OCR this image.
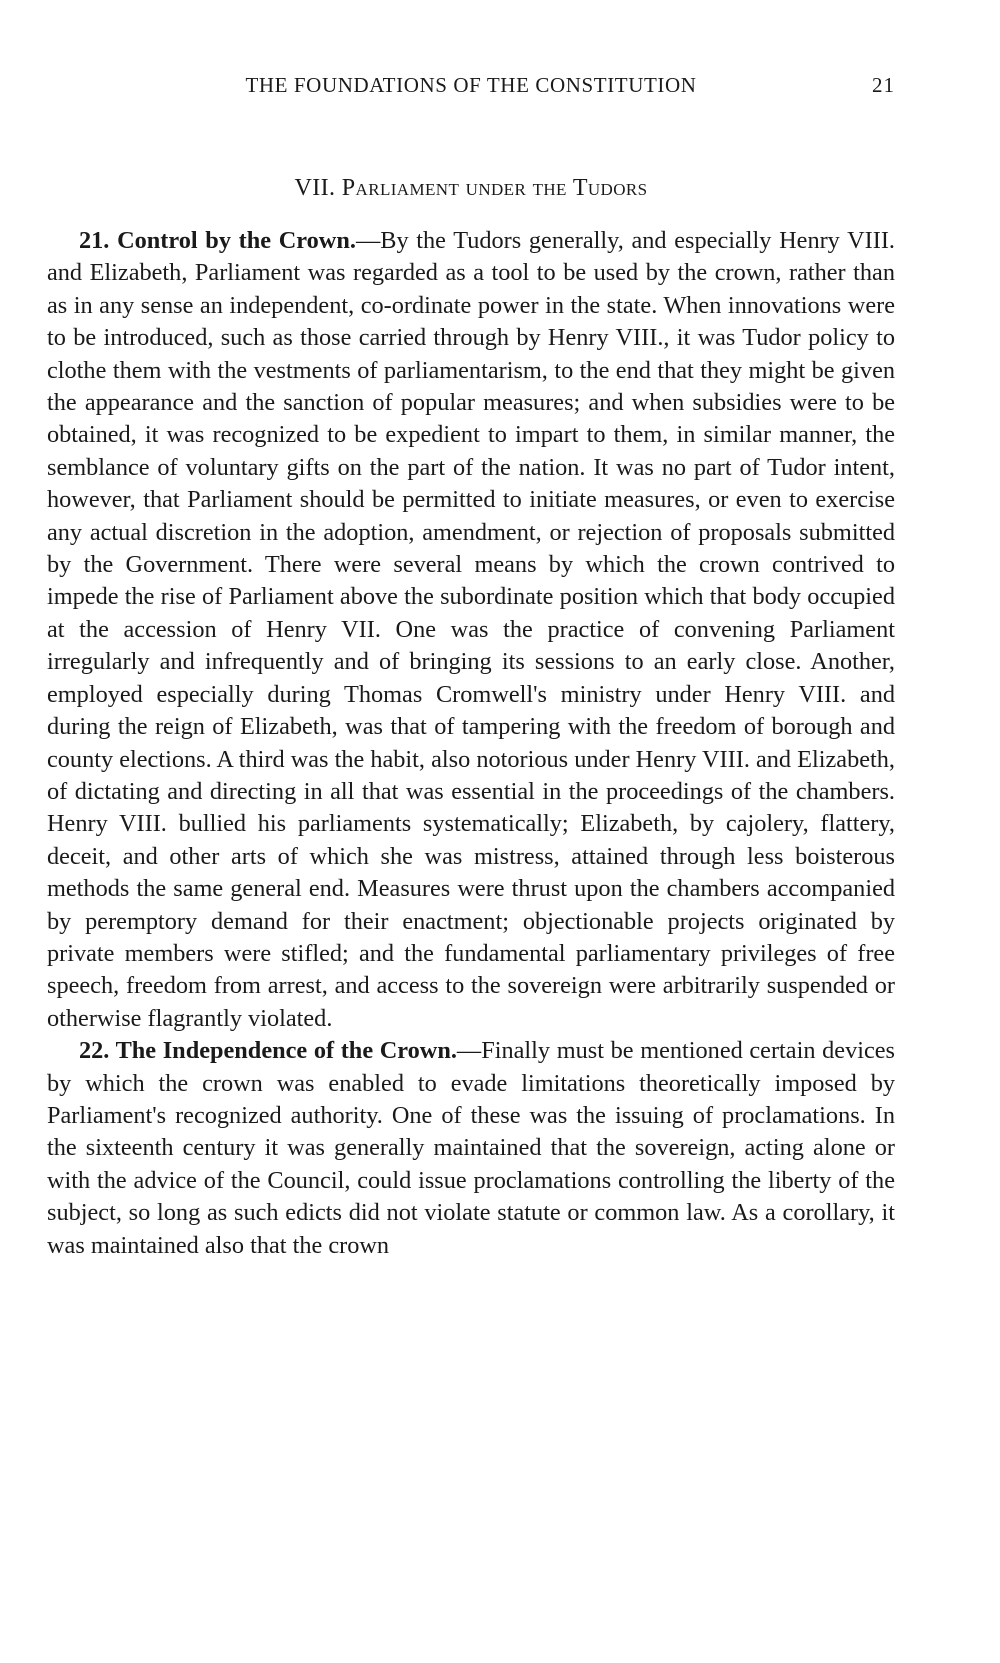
THE FOUNDATIONS OF THE CONSTITUTION	21
VII. Parliament under the Tudors

21. Control by the Crown.—By the Tudors generally, and especially Henry VIII. and Elizabeth, Parliament was regarded as a tool to be used by the crown, rather than as in any sense an independent, co-ordinate power in the state. When innovations were to be introduced, such as those carried through by Henry VIII., it was Tudor policy to clothe them with the vestments of parliamentarism, to the end that they might be given the appearance and the sanction of popular measures; and when subsidies were to be obtained, it was recognized to be expedient to impart to them, in similar manner, the semblance of voluntary gifts on the part of the nation. It was no part of Tudor intent, however, that Parliament should be permitted to initiate measures, or even to exercise any actual discretion in the adoption, amendment, or rejection of proposals submitted by the Government. There were several means by which the crown contrived to impede the rise of Parliament above the subordinate position which that body occupied at the accession of Henry VII. One was the practice of convening Parliament irregularly and infrequently and of bringing its sessions to an early close. Another, employed especially during Thomas Cromwell's ministry under Henry VIII. and during the reign of Elizabeth, was that of tampering with the freedom of borough and county elections. A third was the habit, also notorious under Henry VIII. and Elizabeth, of dictating and directing in all that was essential in the proceedings of the chambers. Henry VIII. bullied his parliaments systematically; Elizabeth, by cajolery, flattery, deceit, and other arts of which she was mistress, attained through less boisterous methods the same general end. Measures were thrust upon the chambers accompanied by peremptory demand for their enactment; objectionable projects originated by private members were stifled; and the fundamental parliamentary privileges of free speech, freedom from arrest, and access to the sovereign were arbitrarily suspended or otherwise flagrantly violated.

22. The Independence of the Crown.—Finally must be mentioned certain devices by which the crown was enabled to evade limitations theoretically imposed by Parliament's recognized authority. One of these was the issuing of proclamations. In the sixteenth century it was generally maintained that the sovereign, acting alone or with the advice of the Council, could issue proclamations controlling the liberty of the subject, so long as such edicts did not violate statute or common law. As a corollary, it was maintained also that the crown
